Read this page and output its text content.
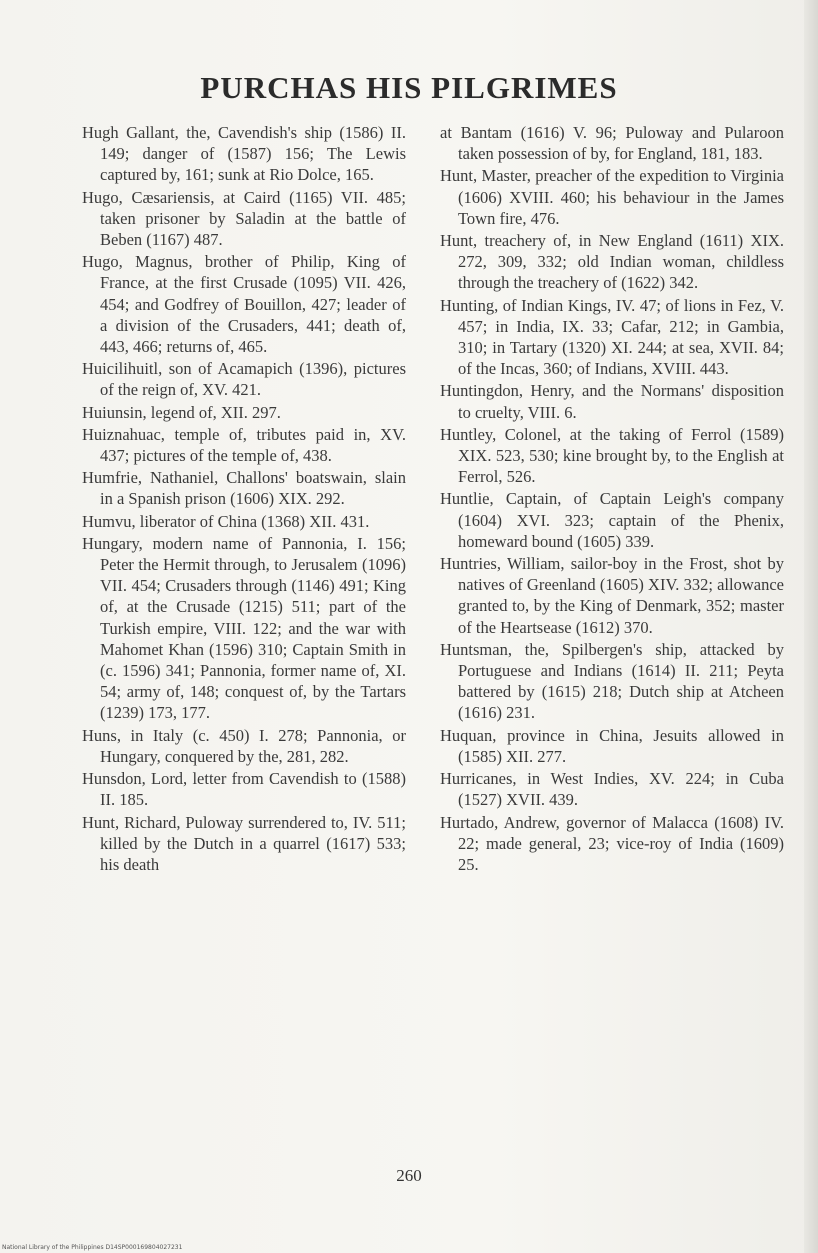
PURCHAS HIS PILGRIMES

Hugh Gallant, the, Cavendish's ship (1586) II. 149; danger of (1587) 156; The Lewis captured by, 161; sunk at Rio Dolce, 165.

Hugo, Cæsariensis, at Caird (1165) VII. 485; taken prisoner by Saladin at the battle of Beben (1167) 487.

Hugo, Magnus, brother of Philip, King of France, at the first Crusade (1095) VII. 426, 454; and Godfrey of Bouillon, 427; leader of a division of the Crusaders, 441; death of, 443, 466; returns of, 465.

Huicilihuitl, son of Acamapich (1396), pictures of the reign of, XV. 421.

Huiunsin, legend of, XII. 297.

Huiznahuac, temple of, tributes paid in, XV. 437; pictures of the temple of, 438.

Humfrie, Nathaniel, Challons' boatswain, slain in a Spanish prison (1606) XIX. 292.

Humvu, liberator of China (1368) XII. 431.

Hungary, modern name of Pannonia, I. 156; Peter the Hermit through, to Jerusalem (1096) VII. 454; Crusaders through (1146) 491; King of, at the Crusade (1215) 511; part of the Turkish empire, VIII. 122; and the war with Mahomet Khan (1596) 310; Captain Smith in (c. 1596) 341; Pannonia, former name of, XI. 54; army of, 148; conquest of, by the Tartars (1239) 173, 177.

Huns, in Italy (c. 450) I. 278; Pannonia, or Hungary, conquered by the, 281, 282.

Hunsdon, Lord, letter from Cavendish to (1588) II. 185.

Hunt, Richard, Puloway surrendered to, IV. 511; killed by the Dutch in a quarrel (1617) 533; his death

at Bantam (1616) V. 96; Puloway and Pularoon taken possession of by, for England, 181, 183.

Hunt, Master, preacher of the expedition to Virginia (1606) XVIII. 460; his behaviour in the James Town fire, 476.

Hunt, treachery of, in New England (1611) XIX. 272, 309, 332; old Indian woman, childless through the treachery of (1622) 342.

Hunting, of Indian Kings, IV. 47; of lions in Fez, V. 457; in India, IX. 33; Cafar, 212; in Gambia, 310; in Tartary (1320) XI. 244; at sea, XVII. 84; of the Incas, 360; of Indians, XVIII. 443.

Huntingdon, Henry, and the Normans' disposition to cruelty, VIII. 6.

Huntley, Colonel, at the taking of Ferrol (1589) XIX. 523, 530; kine brought by, to the English at Ferrol, 526.

Huntlie, Captain, of Captain Leigh's company (1604) XVI. 323; captain of the Phenix, homeward bound (1605) 339.

Huntries, William, sailor-boy in the Frost, shot by natives of Greenland (1605) XIV. 332; allowance granted to, by the King of Denmark, 352; master of the Heartsease (1612) 370.

Huntsman, the, Spilbergen's ship, attacked by Portuguese and Indians (1614) II. 211; Peyta battered by (1615) 218; Dutch ship at Atcheen (1616) 231.

Huquan, province in China, Jesuits allowed in (1585) XII. 277.

Hurricanes, in West Indies, XV. 224; in Cuba (1527) XVII. 439.

Hurtado, Andrew, governor of Malacca (1608) IV. 22; made general, 23; vice-roy of India (1609) 25.

260
National Library of the Philippines D14SP000169804027231
